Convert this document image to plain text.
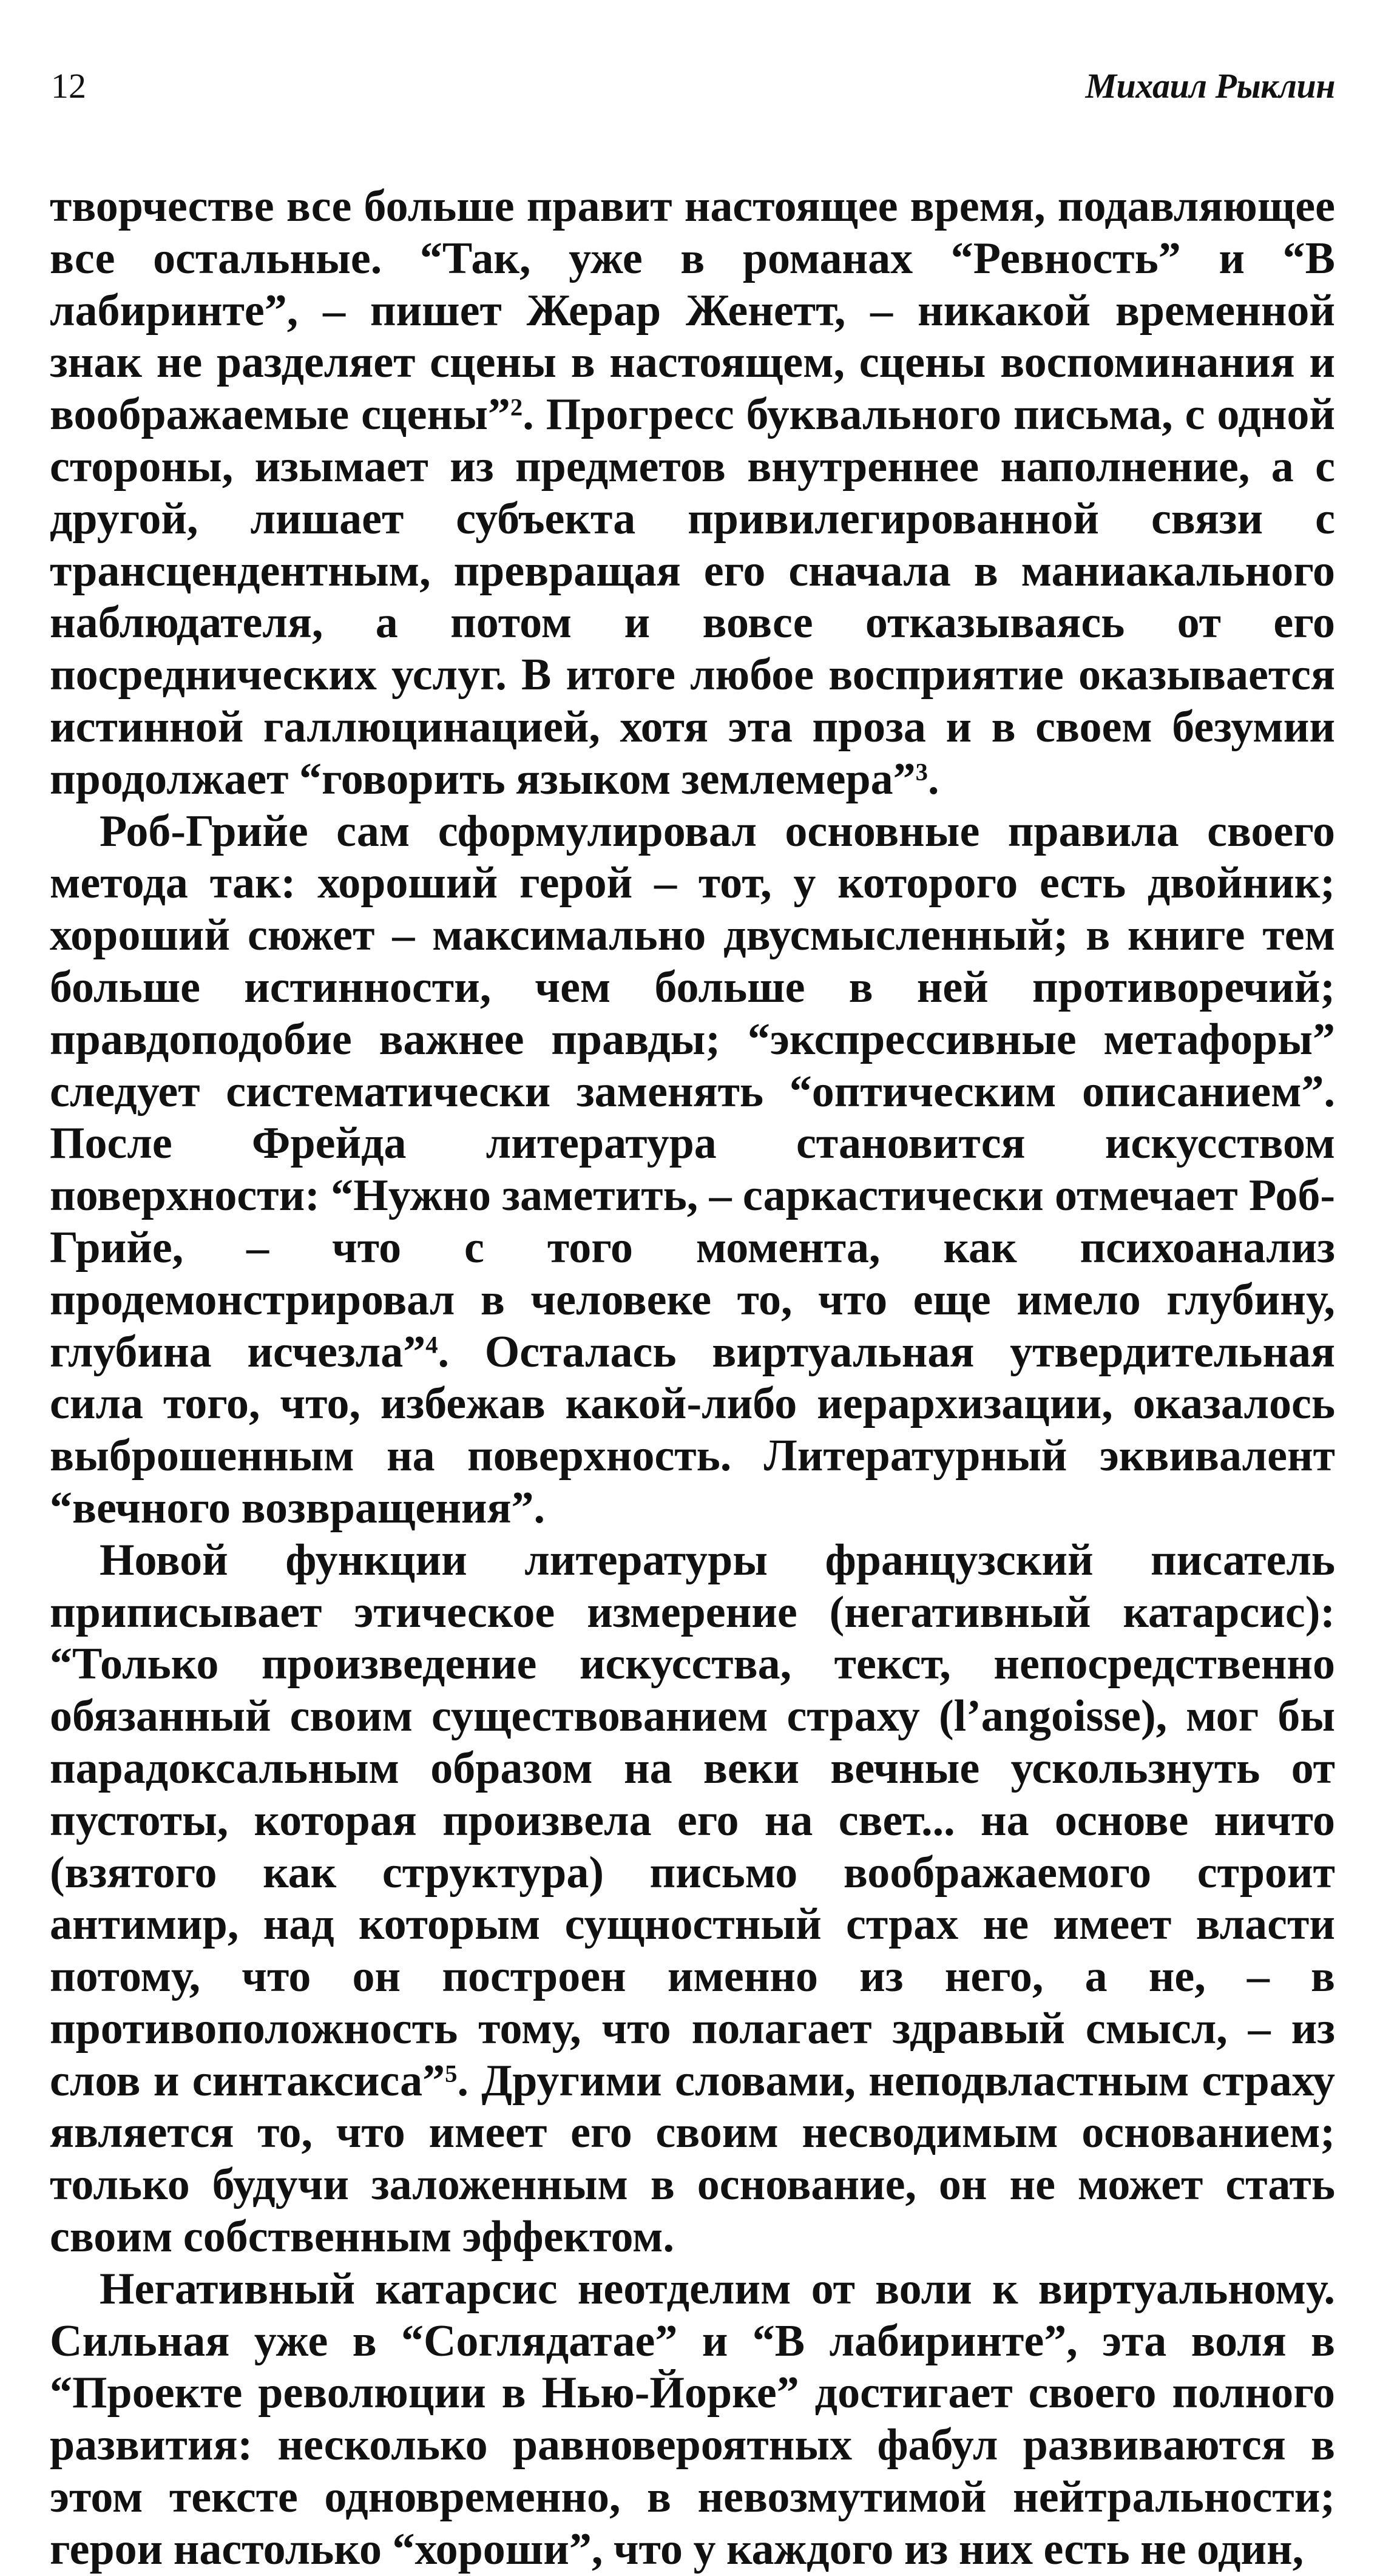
12	Михаил Рыклин

творчестве все больше правит настоящее время, подавляющее все остальные. “Так, уже в романах “Ревность” и “В лабиринте”, – пишет Жерар Женетт, – никакой временной знак не разделяет сцены в настоящем, сцены воспоминания и воображаемые сцены”$^2$. Прогресс буквального письма, с одной стороны, изымает из предметов внутреннее наполнение, а с другой, лишает субъекта привилегированной связи с трансцендентным, превращая его сначала в маниакального наблюдателя, а потом и вовсе отказываясь от его посреднических услуг. В итоге любое восприятие оказывается истинной галлюцинацией, хотя эта проза и в своем безумии продолжает “говорить языком землемера”$^3$.

Роб-Грийе сам сформулировал основные правила своего метода так: хороший герой – тот, у которого есть двойник; хороший сюжет – максимально двусмысленный; в книге тем больше истинности, чем больше в ней противоречий; правдоподобие важнее правды; “экспрессивные метафоры” следует систематически заменять “оптическим описанием”. После Фрейда литература становится искусством поверхности: “Нужно заметить, – саркастически отмечает Роб-Грийе, – что с того момента, как психоанализ продемонстрировал в человеке то, что еще имело глубину, глубина исчезла”$^4$. Осталась виртуальная утвердительная сила того, что, избежав какой-либо иерархизации, оказалось выброшенным на поверхность. Литературный эквивалент “вечного возвращения”.

Новой функции литературы французский писатель приписывает этическое измерение (негативный катарсис): “Только произведение искусства, текст, непосредственно обязанный своим существованием страху (l’angoisse), мог бы парадоксальным образом на веки вечные ускользнуть от пустоты, которая произвела его на свет... на основе ничто (взятого как структура) письмо воображаемого строит антимир, над которым сущностный страх не имеет власти потому, что он построен именно из него, а не, – в противоположность тому, что полагает здравый смысл, – из слов и синтаксиса”$^5$. Другими словами, неподвластным страху является то, что имеет его своим несводимым основанием; только будучи заложенным в основание, он не может стать своим собственным эффектом.

Негативный катарсис неотделим от воли к виртуальному. Сильная уже в “Соглядатае” и “В лабиринте”, эта воля в “Проекте революции в Нью-Йорке” достигает своего полного развития: несколько равновероятных фабул развиваются в этом тексте одновременно, в невозмутимой нейтральности; герои настолько “хороши”, что у каждого из них есть не один,
